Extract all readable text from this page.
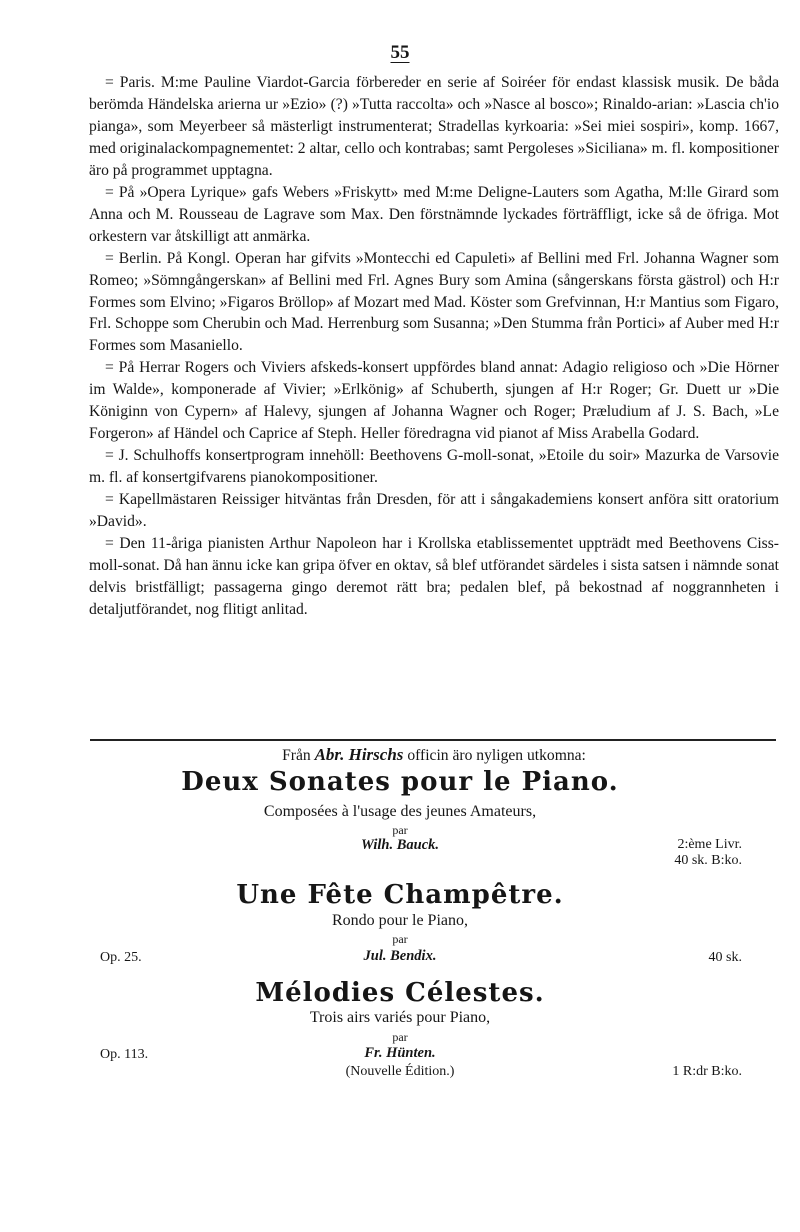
55

= Paris. M:me Pauline Viardot-Garcia förbereder en serie af Soiréer för endast klassisk musik. De båda berömda Händelska arierna ur »Ezio» (?) »Tutta raccolta» och »Nasce al bosco»; Rinaldo-arian: »Lascia ch'io pianga», som Meyerbeer så mästerligt instrumenterat; Stradellas kyrkoaria: »Sei miei sospiri», komp. 1667, med originalackompagnementet: 2 altar, cello och kontrabas; samt Pergoleses »Siciliana» m. fl. kompositioner äro på programmet upptagna.

= På »Opera Lyrique» gafs Webers »Friskytt» med M:me Deligne-Lauters som Agatha, M:lle Girard som Anna och M. Rousseau de Lagrave som Max. Den förstnämnde lyckades förträffligt, icke så de öfriga. Mot orkestern var åtskilligt att anmärka.

= Berlin. På Kongl. Operan har gifvits »Montecchi ed Capuleti» af Bellini med Frl. Johanna Wagner som Romeo; »Sömngångerskan» af Bellini med Frl. Agnes Bury som Amina (sångerskans första gästrol) och H:r Formes som Elvino; »Figaros Bröllop» af Mozart med Mad. Köster som Grefvinnan, H:r Mantius som Figaro, Frl. Schoppe som Cherubin och Mad. Herrenburg som Susanna; »Den Stumma från Portici» af Auber med H:r Formes som Masaniello.

= På Herrar Rogers och Viviers afskeds-konsert uppfördes bland annat: Adagio religioso och »Die Hörner im Walde», komponerade af Vivier; »Erlkönig» af Schuberth, sjungen af H:r Roger; Gr. Duett ur »Die Königinn von Cypern» af Halevy, sjungen af Johanna Wagner och Roger; Præludium af J. S. Bach, »Le Forgeron» af Händel och Caprice af Steph. Heller föredragna vid pianot af Miss Arabella Godard.

= J. Schulhoffs konsertprogram innehöll: Beethovens G-moll-sonat, »Etoile du soir» Mazurka de Varsovie m. fl. af konsertgifvarens pianokompositioner.

= Kapellmästaren Reissiger hitväntas från Dresden, för att i sångakademiens konsert anföra sitt oratorium »David».

= Den 11-åriga pianisten Arthur Napoleon har i Krollska etablissementet uppträdt med Beethovens Ciss-moll-sonat. Då han ännu icke kan gripa öfver en oktav, så blef utförandet särdeles i sista satsen i nämnde sonat delvis bristfälligt; passagerna gingo deremot rätt bra; pedalen blef, på bekostnad af noggrannheten i detaljutförandet, nog flitigt anlitad.

Från Abr. Hirschs officin äro nyligen utkomna:
Deux Sonates pour le Piano.
Composées à l'usage des jeunes Amateurs,
par
Wilh. Bauck.	2:ème Livr.
40 sk. B:ko.
Une Fête Champêtre.
Rondo pour le Piano,
par
Op. 25.	Jul. Bendix.	40 sk.
Mélodies Célestes.
Trois airs variés pour Piano,
par
Op. 113.	Fr. Hünten.
(Nouvelle Édition.)	1 R:dr B:ko.
